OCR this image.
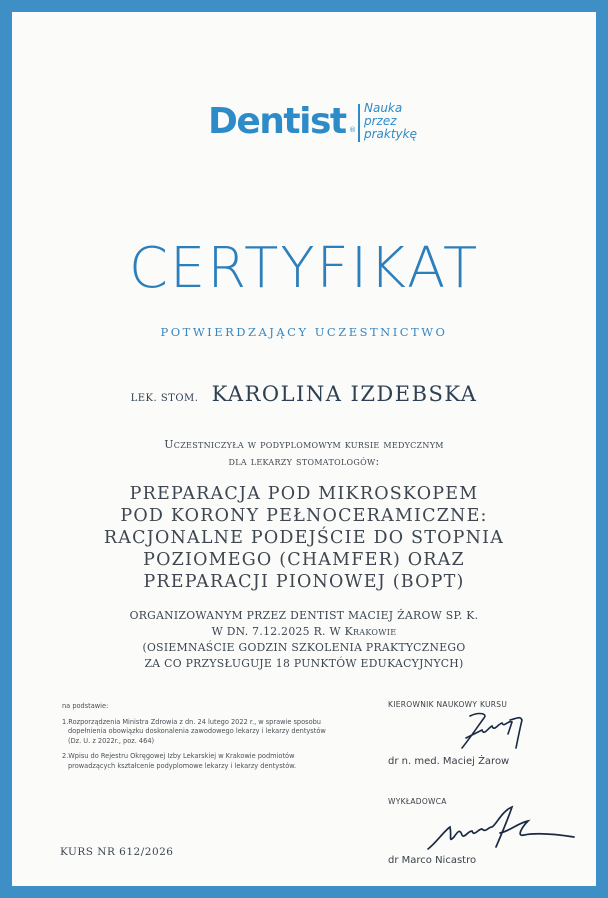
Dentist ®
Nauka
przez
praktykę
CERTYFIKAT
POTWIERDZAJĄCY UCZESTNICTWO
LEK. STOM. KAROLINA IZDEBSKA
Uczestniczyła w podyplomowym kursie medycznym
dla lekarzy stomatologów:
PREPARACJA POD MIKROSKOPEM
POD KORONY PEŁNOCERAMICZNE:
RACJONALNE PODEJŚCIE DO STOPNIA
POZIOMEGO (CHAMFER) ORAZ
PREPARACJI PIONOWEJ (BOPT)
ORGANIZOWANYM PRZEZ DENTIST MACIEJ ŻAROW SP. K.
W DN. 7.12.2025 R. W Krakowie
(OSIEMNAŚCIE GODZIN SZKOLENIA PRAKTYCZNEGO
ZA CO PRZYSŁUGUJE 18 PUNKTÓW EDUKACYJNYCH)
na podstawie:
1.Rozporządzenia Ministra Zdrowia z dn. 24 lutego 2022 r., w sprawie sposobu
dopełnienia obowiązku doskonalenia zawodowego lekarzy i lekarzy dentystów
(Dz. U. z 2022r., poz. 464)
2.Wpisu do Rejestru Okręgowej Izby Lekarskiej w Krakowie podmiotów
prowadzących kształcenie podyplomowe lekarzy i lekarzy dentystów.
KURS NR 612/2026
KIEROWNIK NAUKOWY KURSU
dr n. med. Maciej Żarow
WYKŁADOWCA
dr Marco Nicastro
